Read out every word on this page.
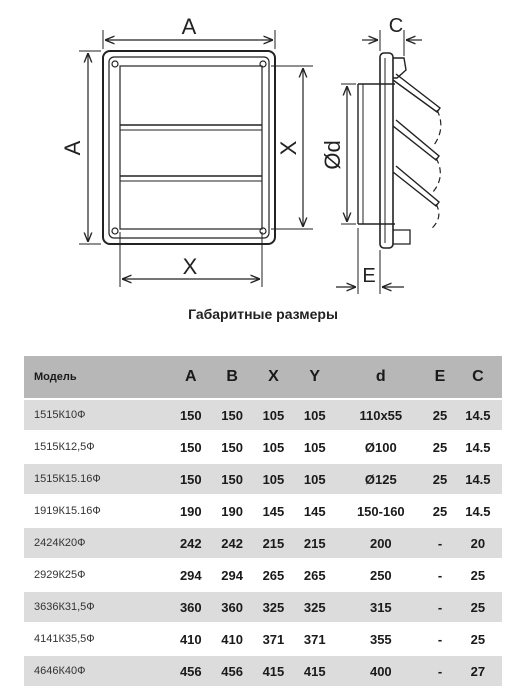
A
A	X
X
C
Ød
E
Габаритные размеры
Модель	A	B	X	Y	d	E	C
1515К10Ф	150	150	105	105	110х55	25	14.5
1515К12,5Ф	150	150	105	105	Ø100	25	14.5
1515К15.16Ф	150	150	105	105	Ø125	25	14.5
1919К15.16Ф	190	190	145	145	150-160	25	14.5
2424К20Ф	242	242	215	215	200	-	20
2929К25Ф	294	294	265	265	250	-	25
3636К31,5Ф	360	360	325	325	315	-	25
4141К35,5Ф	410	410	371	371	355	-	25
4646К40Ф	456	456	415	415	400	-	27
